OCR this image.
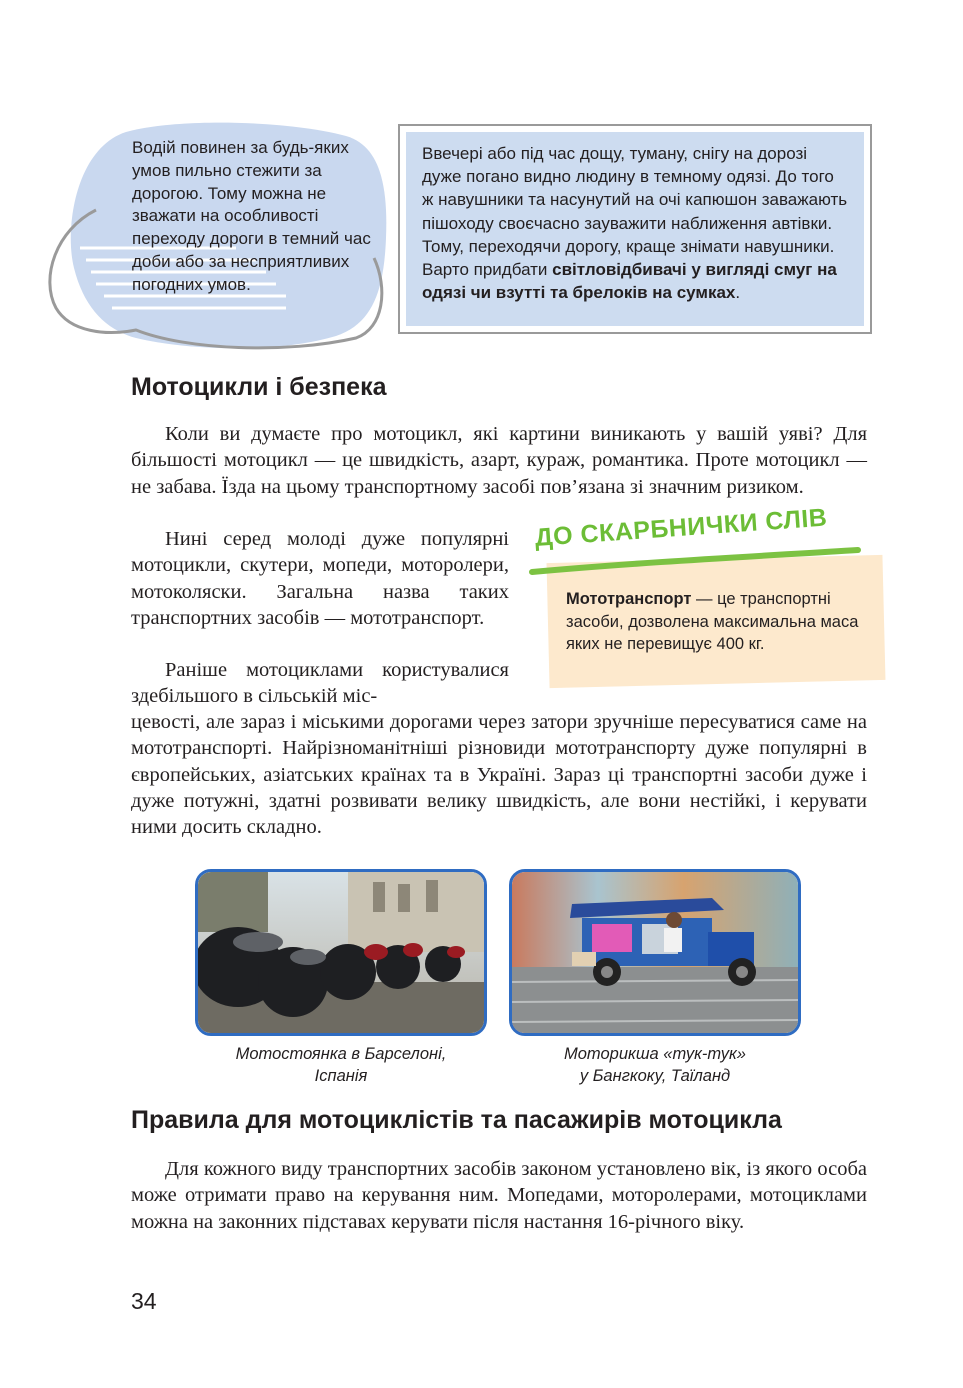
Водій повинен за будь-яких умов пильно стежити за дорогою. Тому можна не зважати на особливості переходу дороги в темний час доби або за несприятливих погодних умов.
Ввечері або під час дощу, туману, снігу на дорозі дуже погано видно людину в темному одязі. До того ж навушники та насунутий на очі капюшон заважають пішоходу своєчасно зауважити наближення автівки. Тому, переходячи дорогу, краще знімати навушники. Варто придбати світловідбивачі у вигляді смуг на одязі чи взутті та брелоків на сумках.
Мотоцикли і безпека

Коли ви думаєте про мотоцикл, які картини виникають у вашій уяві? Для більшості мотоцикл — це швидкість, азарт, кураж, романтика. Проте мотоцикл — не забава. Їзда на цьому транспортному засобі пов’язана зі значним ризиком.

Нині серед молоді дуже популярні мотоцикли, скутери, мопеди, моторолери, мотоколяски. Загальна назва таких транспортних засобів — мототранспорт.

Раніше мотоциклами користувалися здебільшого в сільській міс-

цевості, але зараз і міськими дорогами через затори зручніше пересуватися саме на мототранспорті. Найрізноманітніші різновиди мототранспорту дуже популярні в європейських, азіатських країнах та в Україні. Зараз ці транспортні засоби дуже і дуже потужні, здатні розвивати велику швидкість, але вони нестійкі, і керувати ними досить складно.

ДО СКАРБНИЧКИ СЛІВ
Мототранспорт — це транспортні засоби, дозволена максимальна маса яких не перевищує 400 кг.
Мотостоянка в Барселоні,
Іспанія
Моторикша «тук-тук»
у Бангкоку, Таїланд
Правила для мотоциклістів та пасажирів мотоцикла

Для кожного виду транспортних засобів законом установлено вік, із якого особа може отримати право на керування ним. Мопедами, моторолерами, мотоциклами можна на законних підставах керувати після настання 16-річного віку.

34
